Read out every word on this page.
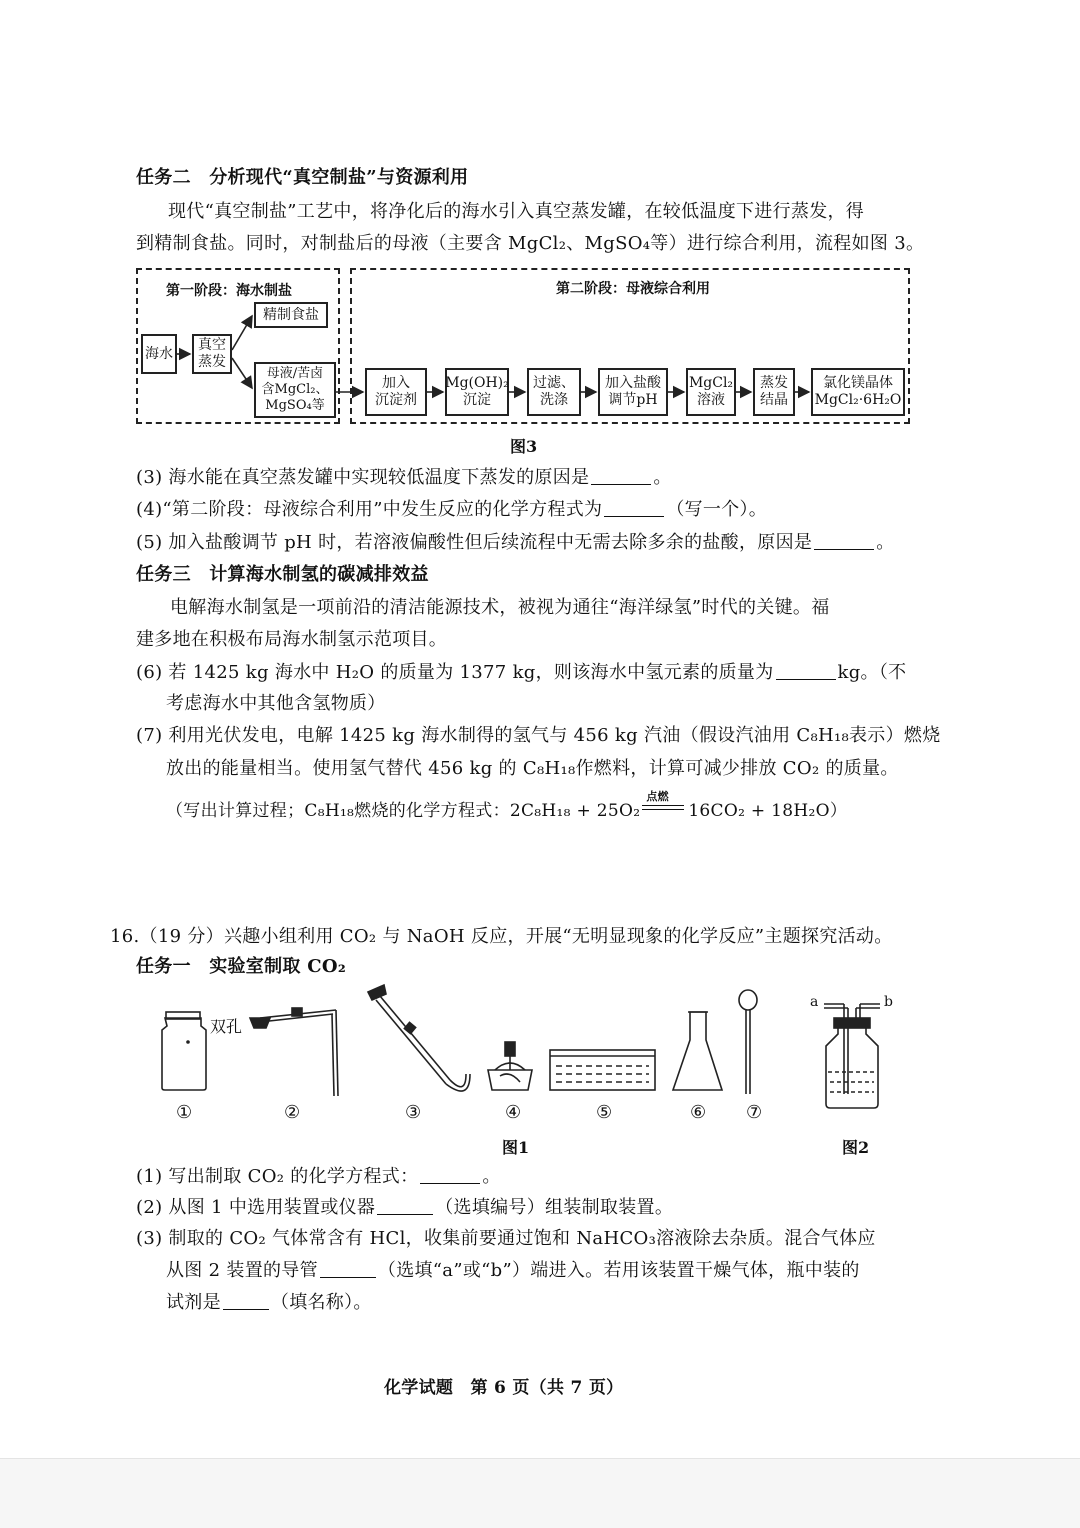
任务二　分析现代“真空制盐”与资源利用
现代“真空制盐”工艺中，将净化后的海水引入真空蒸发罐，在较低温度下进行蒸发，得
到精制食盐。同时，对制盐后的母液（主要含 MgCl₂、MgSO₄等）进行综合利用，流程如图 3。
第一阶段：海水制盐	第二阶段：母液综合利用
海水
真空
蒸发
精制食盐
母液/苦卤
含MgCl₂、
MgSO₄等
加入
沉淀剂
Mg(OH)₂
沉淀
过滤、
洗涤
加入盐酸
调节pH
MgCl₂
溶液
蒸发
结晶
氯化镁晶体
MgCl₂·6H₂O
图3
(3) 海水能在真空蒸发罐中实现较低温度下蒸发的原因是	。
(4)“第二阶段：母液综合利用”中发生反应的化学方程式为	（写一个）。
(5) 加入盐酸调节 pH 时，若溶液偏酸性但后续流程中无需去除多余的盐酸，原因是	。
任务三　计算海水制氢的碳减排效益
电解海水制氢是一项前沿的清洁能源技术，被视为通往“海洋绿氢”时代的关键。福
建多地在积极布局海水制氢示范项目。
(6) 若 1425 kg 海水中 H₂O 的质量为 1377 kg，则该海水中氢元素的质量为	kg。（不
考虑海水中其他含氢物质）
(7) 利用光伏发电，电解 1425 kg 海水制得的氢气与 456 kg 汽油（假设汽油用 C₈H₁₈表示）燃烧
放出的能量相当。使用氢气替代 456 kg 的 C₈H₁₈作燃料，计算可减少排放 CO₂ 的质量。
（写出计算过程；C₈H₁₈燃烧的化学方程式：2C₈H₁₈ + 25O₂
点燃
16CO₂ + 18H₂O）
16.（19 分）兴趣小组利用 CO₂ 与 NaOH 反应，开展“无明显现象的化学反应”主题探究活动。
任务一　实验室制取 CO₂
双孔
a	b
①	②	③	④	⑤	⑥ ⑦
图1	图2
(1) 写出制取 CO₂ 的化学方程式：	。
(2) 从图 1 中选用装置或仪器	（选填编号）组装制取装置。
(3) 制取的 CO₂ 气体常含有 HCl，收集前要通过饱和 NaHCO₃溶液除去杂质。混合气体应
从图 2 装置的导管	（选填“a”或“b”）端进入。若用该装置干燥气体，瓶中装的
试剂是	（填名称）。
化学试题　第 6 页（共 7 页）
